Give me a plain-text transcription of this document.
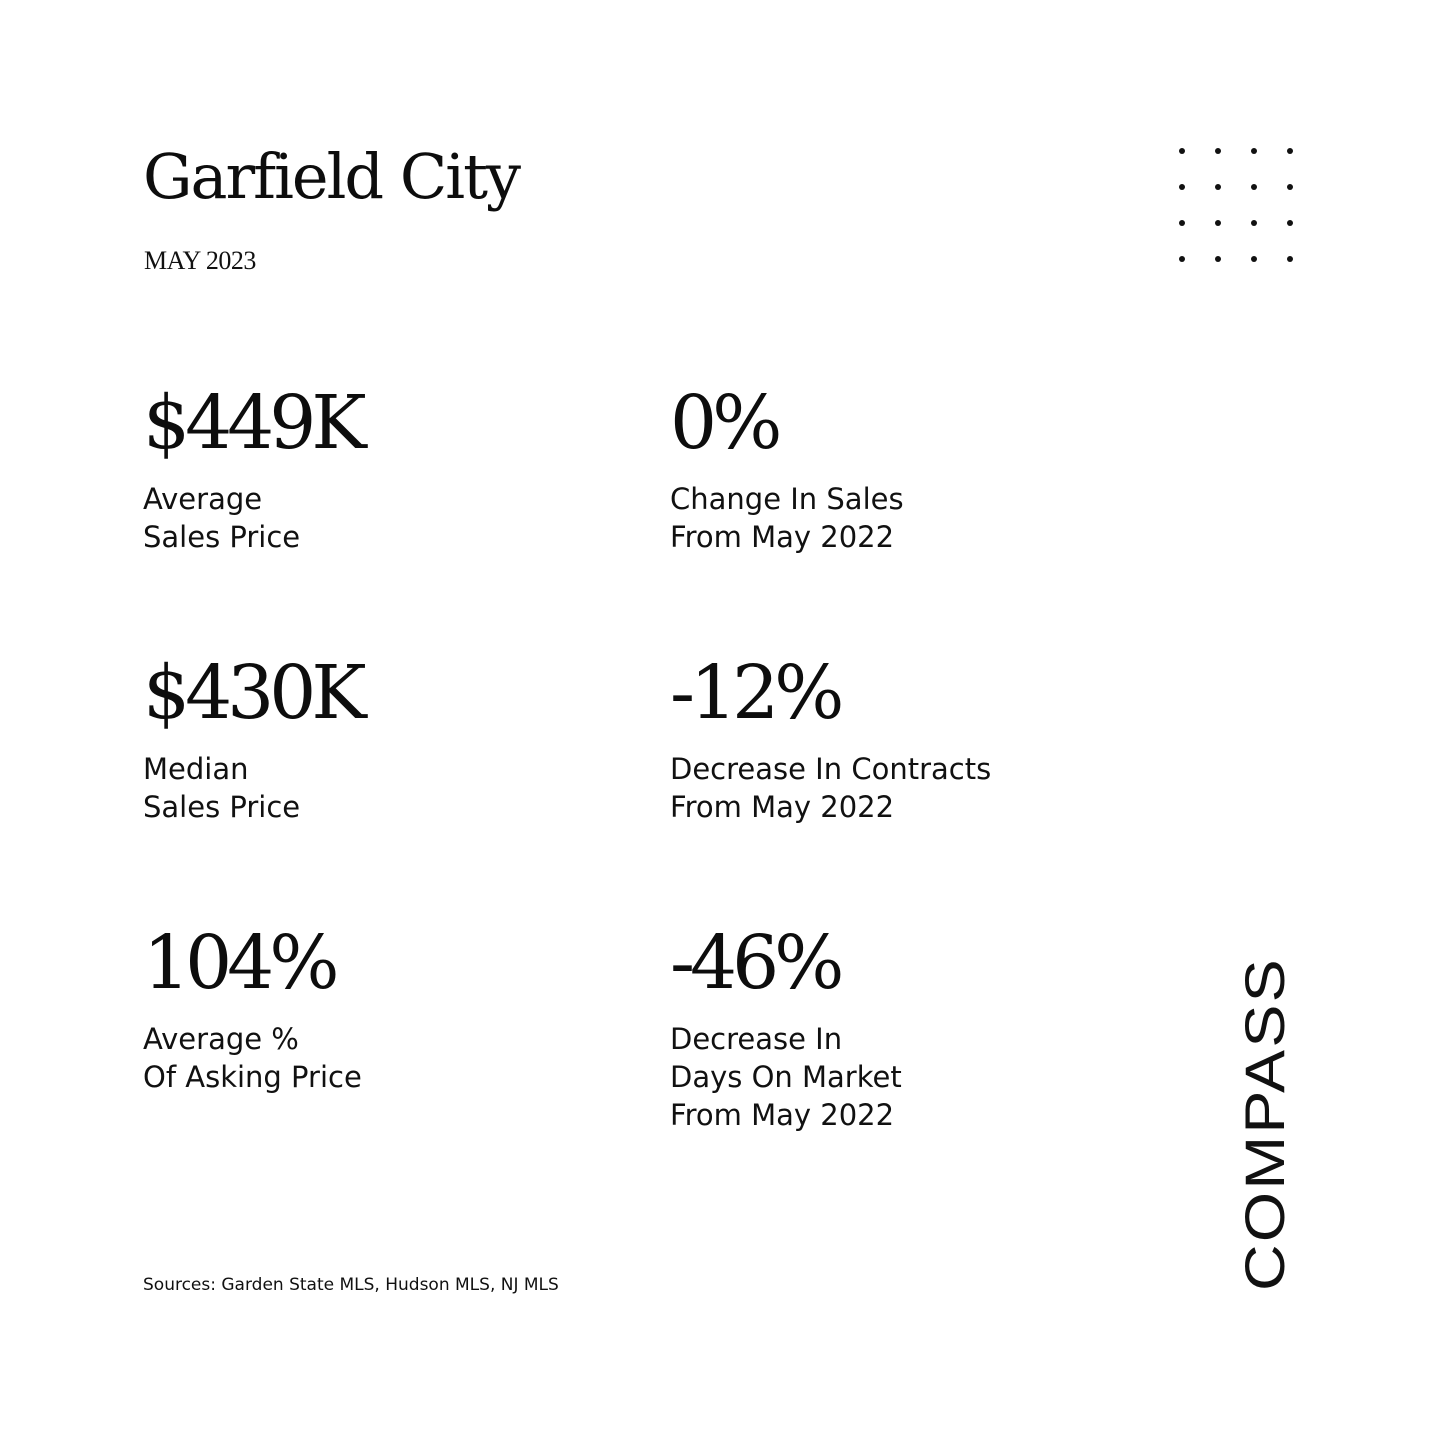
Garfield City
MAY 2023
$449K
Average
Sales Price
0%
Change In Sales
From May 2022
$430K
Median
Sales Price
-12%
Decrease In Contracts
From May 2022
104%
Average %
Of Asking Price
-46%
Decrease In
Days On Market
From May 2022
Sources: Garden State MLS, Hudson MLS, NJ MLS	COMPASS
